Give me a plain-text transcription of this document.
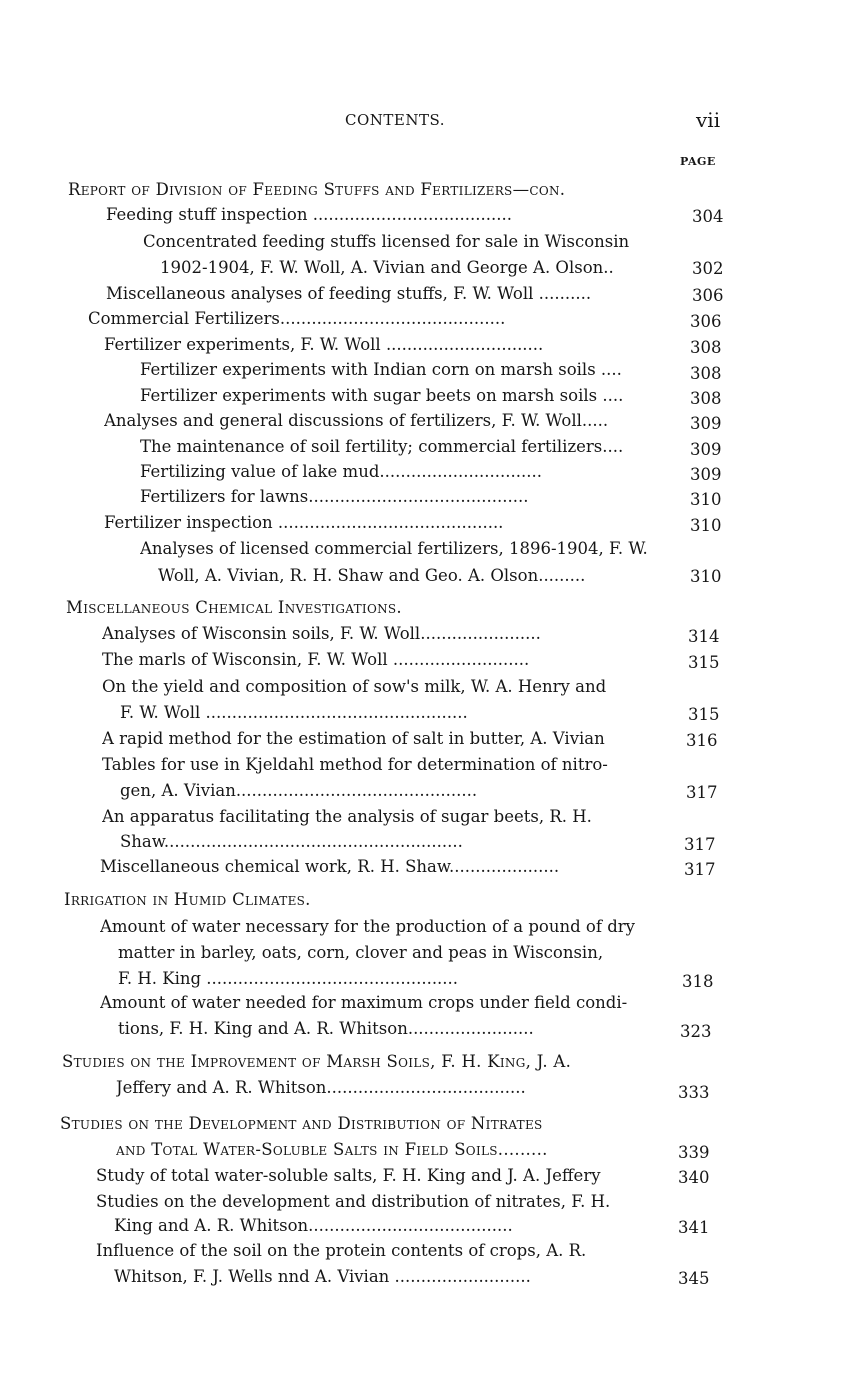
CONTENTS.	vii
PAGE
Report of Division of Feeding Stuffs and Fertilizers—con.
Feeding stuff inspection ......................................	304
Concentrated feeding stuffs licensed for sale in Wisconsin
1902-1904, F. W. Woll, A. Vivian and George A. Olson..	302
Miscellaneous analyses of feeding stuffs, F. W. Woll ..........	306
Commercial Fertilizers...........................................	306
Fertilizer experiments, F. W. Woll ..............................	308
Fertilizer experiments with Indian corn on marsh soils ....	308
Fertilizer experiments with sugar beets on marsh soils ....	308
Analyses and general discussions of fertilizers, F. W. Woll.....	309
The maintenance of soil fertility; commercial fertilizers....	309
Fertilizing value of lake mud...............................	309
Fertilizers for lawns..........................................	310
Fertilizer inspection ...........................................	310
Analyses of licensed commercial fertilizers, 1896-1904, F. W.
Woll, A. Vivian, R. H. Shaw and Geo. A. Olson.........	310
Miscellaneous Chemical Investigations.
Analyses of Wisconsin soils, F. W. Woll.......................	314
The marls of Wisconsin, F. W. Woll ..........................	315
On the yield and composition of sow's milk, W. A. Henry and
F. W. Woll ..................................................	315
A rapid method for the estimation of salt in butter, A. Vivian	316
Tables for use in Kjeldahl method for determination of nitro-
gen, A. Vivian..............................................	317
An apparatus facilitating the analysis of sugar beets, R. H.
Shaw.........................................................	317
Miscellaneous chemical work, R. H. Shaw.....................	317
Irrigation in Humid Climates.
Amount of water necessary for the production of a pound of dry
matter in barley, oats, corn, clover and peas in Wisconsin,
F. H. King ................................................	318
Amount of water needed for maximum crops under field condi-
tions, F. H. King and A. R. Whitson........................	323
Studies on the Improvement of Marsh Soils, F. H. King, J. A.
Jeffery and A. R. Whitson......................................	333
Studies on the Development and Distribution of Nitrates
and Total Water-Soluble Salts in Field Soils.........	339
Study of total water-soluble salts, F. H. King and J. A. Jeffery	340
Studies on the development and distribution of nitrates, F. H.
King and A. R. Whitson.......................................	341
Influence of the soil on the protein contents of crops, A. R.
Whitson, F. J. Wells nnd A. Vivian ..........................	345
